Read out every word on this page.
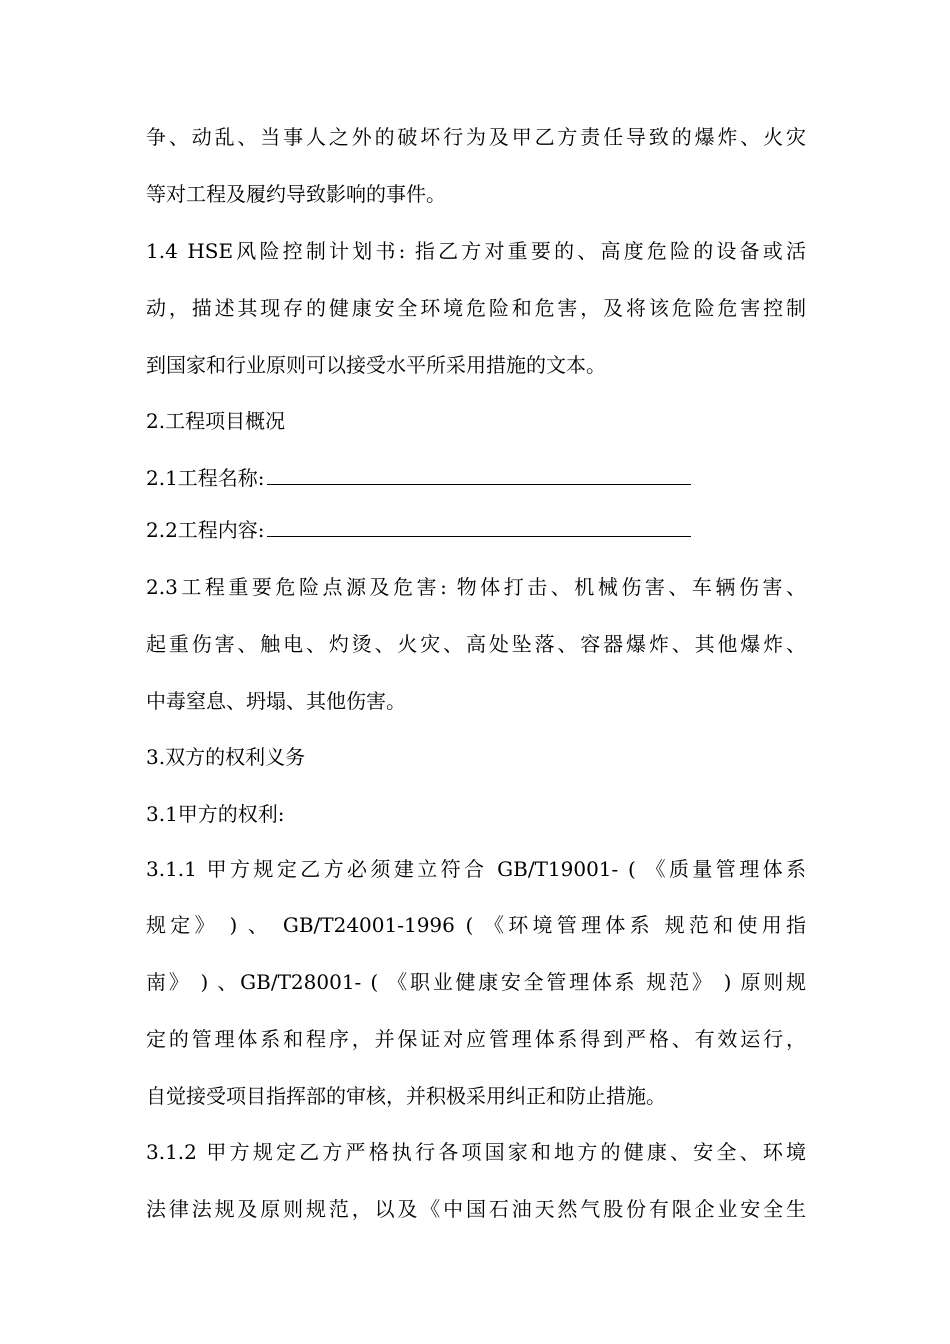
争、动乱、当事人之外的破坏行为及甲乙方责任导致的爆炸、火灾
等对工程及履约导致影响的事件。
1.4 HSE风险控制计划书: 指乙方对重要的、高度危险的设备或活
动，描述其现存的健康安全环境危险和危害，及将该危险危害控制
到国家和行业原则可以接受水平所采用措施的文本。
2.工程项目概况
2.1工程名称:
2.2工程内容:
2.3工程重要危险点源及危害: 物体打击、机械伤害、车辆伤害、
起重伤害、触电、灼烫、火灾、高处坠落、容器爆炸、其他爆炸、
中毒窒息、坍塌、其他伤害。
3.双方的权利义务
3.1甲方的权利:
3.1.1 甲方规定乙方必须建立符合 GB/T19001- ( 《质量管理体系
规定》 ) 、 GB/T24001-1996 ( 《环境管理体系 规范和使用指
南》 ) 、GB/T28001- ( 《职业健康安全管理体系 规范》 ) 原则规
定的管理体系和程序，并保证对应管理体系得到严格、有效运行，
自觉接受项目指挥部的审核，并积极采用纠正和防止措施。
3.1.2 甲方规定乙方严格执行各项国家和地方的健康、安全、环境
法律法规及原则规范，以及《中国石油天然气股份有限企业安全生
